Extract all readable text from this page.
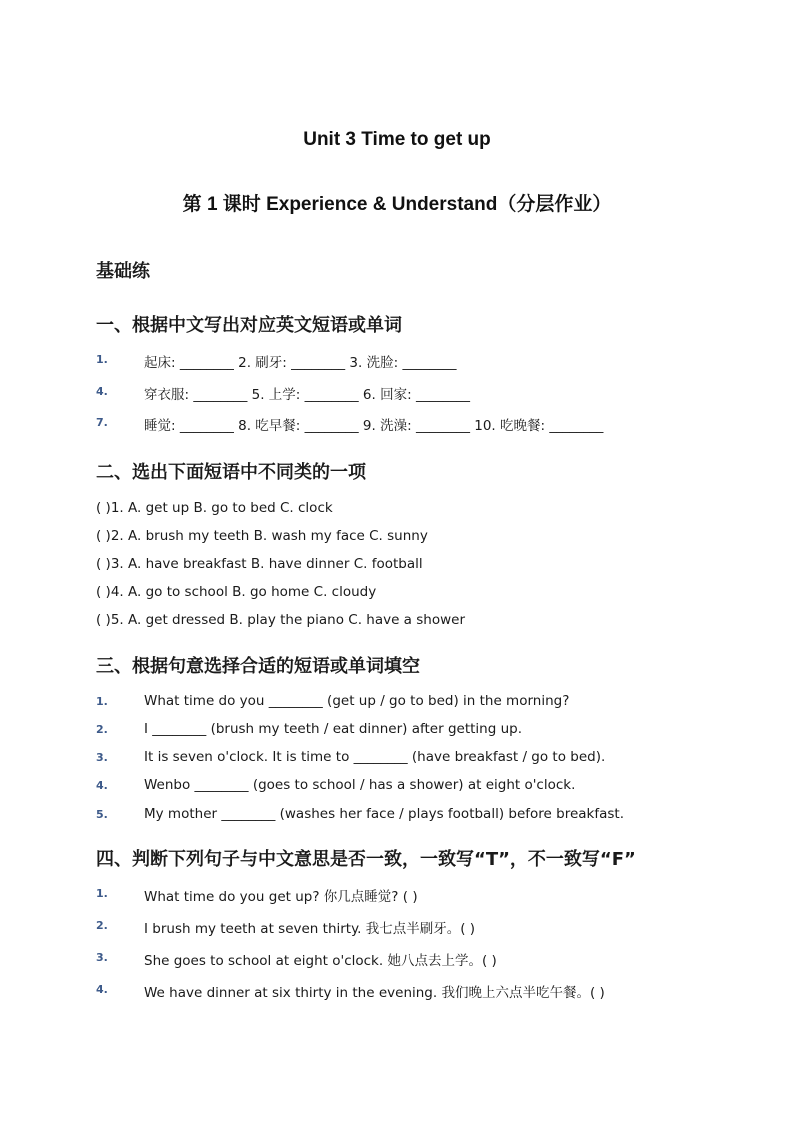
Unit 3 Time to get up
第 1 课时 Experience & Understand（分层作业）
基础练
一、根据中文写出对应英文短语或单词
1.	起床: ________ 2. 刷牙: ________ 3. 洗脸: ________
4.	穿衣服: ________ 5. 上学: ________ 6. 回家: ________
7.	睡觉: ________ 8. 吃早餐: ________ 9. 洗澡: ________ 10. 吃晚餐: ________
二、选出下面短语中不同类的一项
( )1. A. get up B. go to bed C. clock
( )2. A. brush my teeth B. wash my face C. sunny
( )3. A. have breakfast B. have dinner C. football
( )4. A. go to school B. go home C. cloudy
( )5. A. get dressed B. play the piano C. have a shower
三、根据句意选择合适的短语或单词填空
1.	What time do you ________ (get up / go to bed) in the morning?
2.	I ________ (brush my teeth / eat dinner) after getting up.
3.	It is seven o'clock. It is time to ________ (have breakfast / go to bed).
4.	Wenbo ________ (goes to school / has a shower) at eight o'clock.
5.	My mother ________ (washes her face / plays football) before breakfast.
四、判断下列句子与中文意思是否一致，一致写“T”，不一致写“F”
1.	What time do you get up? 你几点睡觉? ( )
2.	I brush my teeth at seven thirty. 我七点半刷牙。( )
3.	She goes to school at eight o'clock. 她八点去上学。( )
4.	We have dinner at six thirty in the evening. 我们晚上六点半吃午餐。( )
